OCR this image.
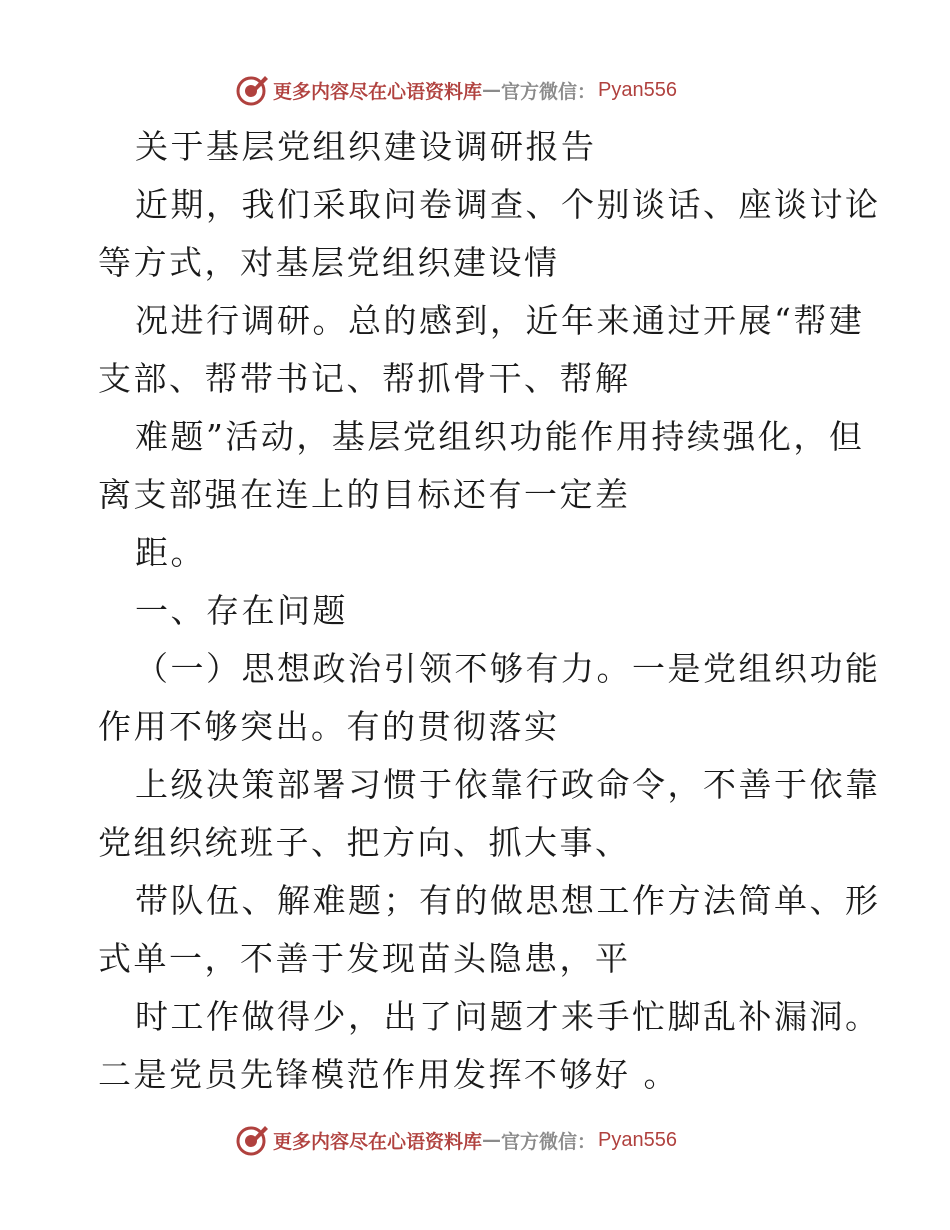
更多内容尽在心语资料库 — 官方微信： Pyan556
关于基层党组织建设调研报告
近期，我们采取问卷调查、个别谈话、座谈讨论
等方式，对基层党组织建设情
况进行调研。总的感到，近年来通过开展“帮建
支部、帮带书记、帮抓骨干、帮解
难题”活动，基层党组织功能作用持续强化，但
离支部强在连上的目标还有一定差
距。
一、存在问题
（一）思想政治引领不够有力。一是党组织功能
作用不够突出。有的贯彻落实
上级决策部署习惯于依靠行政命令，不善于依靠
党组织统班子、把方向、抓大事、
带队伍、解难题；有的做思想工作方法简单、形
式单一，不善于发现苗头隐患，平
时工作做得少，出了问题才来手忙脚乱补漏洞。
二是党员先锋模范作用发挥不够好 。
更多内容尽在心语资料库 — 官方微信： Pyan556
